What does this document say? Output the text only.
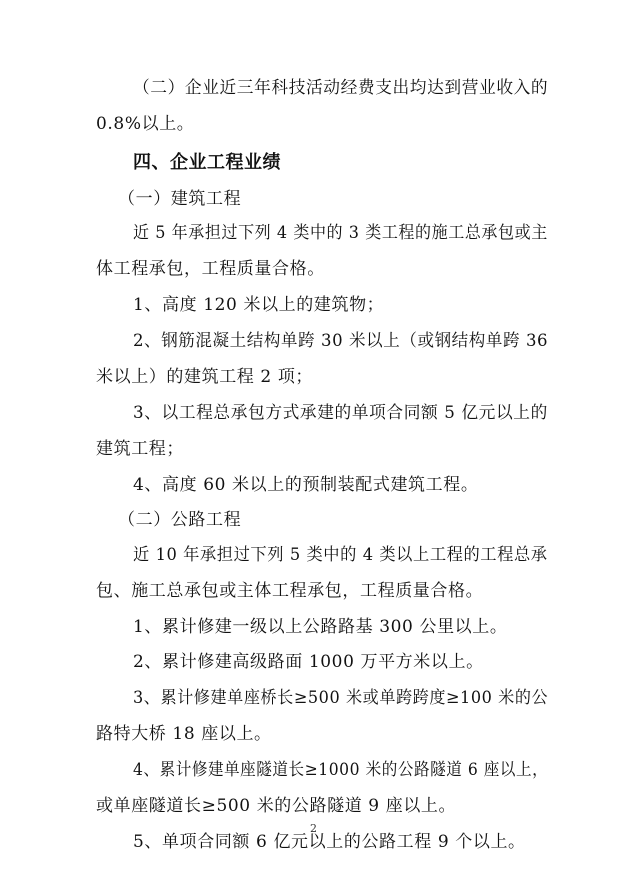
（二）企业近三年科技活动经费支出均达到营业收入的
0.8%以上。
四、企业工程业绩
（一）建筑工程
近 5 年承担过下列 4 类中的 3 类工程的施工总承包或主
体工程承包，工程质量合格。
1、高度 120 米以上的建筑物；
2、钢筋混凝土结构单跨 30 米以上（或钢结构单跨 36
米以上）的建筑工程 2 项；
3、以工程总承包方式承建的单项合同额 5 亿元以上的
建筑工程；
4、高度 60 米以上的预制装配式建筑工程。
（二）公路工程
近 10 年承担过下列 5 类中的 4 类以上工程的工程总承
包、施工总承包或主体工程承包，工程质量合格。
1、累计修建一级以上公路路基 300 公里以上。
2、累计修建高级路面 1000 万平方米以上。
3、累计修建单座桥长≥500 米或单跨跨度≥100 米的公
路特大桥 18 座以上。
4、累计修建单座隧道长≥1000 米的公路隧道 6 座以上，
或单座隧道长≥500 米的公路隧道 9 座以上。
5、单项合同额 6 亿元以上的公路工程 9 个以上。
2
